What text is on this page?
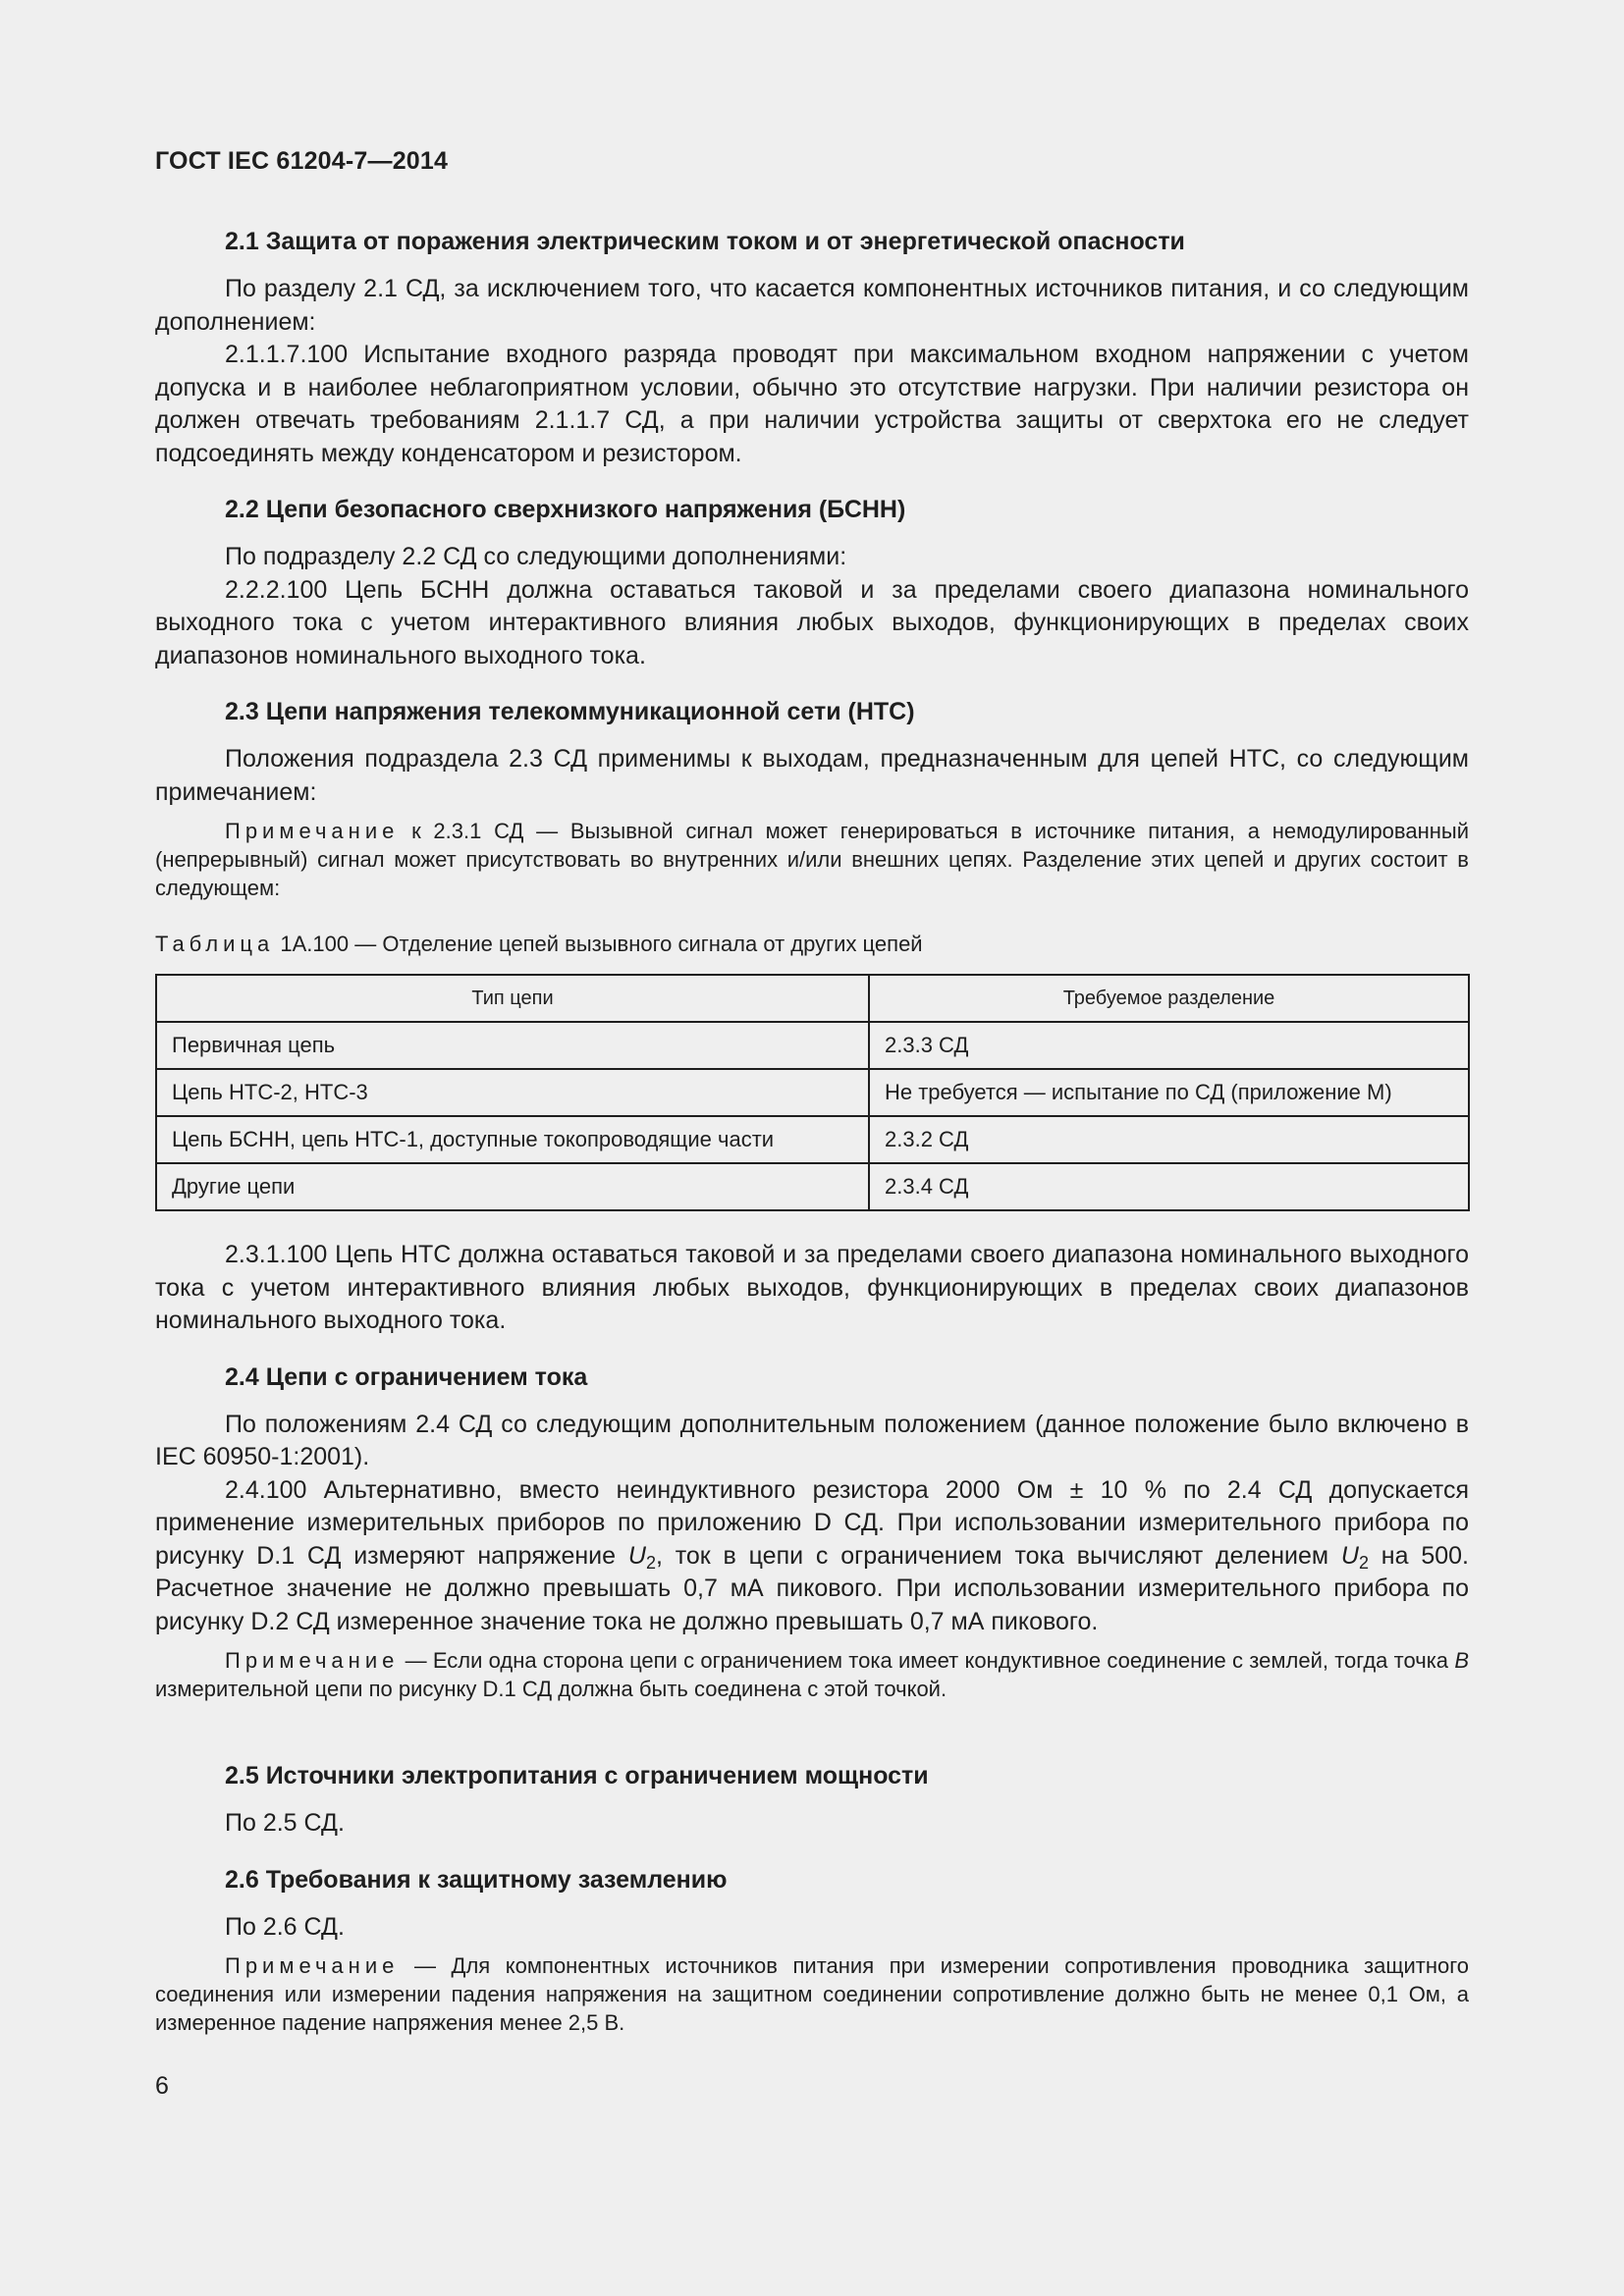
ГОСТ IEC 61204-7—2014
2.1 Защита от поражения электрическим током и от энергетической опасности

По разделу 2.1 СД, за исключением того, что касается компонентных источников питания, и со следующим дополнением:

2.1.1.7.100 Испытание входного разряда проводят при максимальном входном напряжении с учетом допуска и в наиболее неблагоприятном условии, обычно это отсутствие нагрузки. При наличии резистора он должен отвечать требованиям 2.1.1.7 СД, а при наличии устройства защиты от сверхтока его не следует подсоединять между конденсатором и резистором.

2.2 Цепи безопасного сверхнизкого напряжения (БСНН)

По подразделу 2.2 СД со следующими дополнениями:

2.2.2.100 Цепь БСНН должна оставаться таковой и за пределами своего диапазона номинального выходного тока с учетом интерактивного влияния любых выходов, функционирующих в пределах своих диапазонов номинального выходного тока.

2.3 Цепи напряжения телекоммуникационной сети (НТС)

Положения подраздела 2.3 СД применимы к выходам, предназначенным для цепей НТС, со следующим примечанием:

Примечание к 2.3.1 СД — Вызывной сигнал может генерироваться в источнике питания, а немодулированный (непрерывный) сигнал может присутствовать во внутренних и/или внешних цепях. Разделение этих цепей и других состоит в следующем:

Таблица 1А.100 — Отделение цепей вызывного сигнала от других цепей
Тип цепи	Требуемое разделение
Первичная цепь	2.3.3 СД
Цепь НТС-2, НТС-3	Не требуется — испытание по СД (приложение М)
Цепь БСНН, цепь НТС-1, доступные токопроводящие части	2.3.2 СД
Другие цепи	2.3.4 СД

2.3.1.100 Цепь НТС должна оставаться таковой и за пределами своего диапазона номинального выходного тока с учетом интерактивного влияния любых выходов, функционирующих в пределах своих диапазонов номинального выходного тока.

2.4 Цепи с ограничением тока

По положениям 2.4 СД со следующим дополнительным положением (данное положение было включено в IEC 60950-1:2001).

2.4.100 Альтернативно, вместо неиндуктивного резистора 2000 Ом ± 10 % по 2.4 СД допускается применение измерительных приборов по приложению D СД. При использовании измерительного прибора по рисунку D.1 СД измеряют напряжение $U_2$, ток в цепи с ограничением тока вычисляют делением $U_2$ на 500. Расчетное значение не должно превышать 0,7 мА пикового. При использовании измерительного прибора по рисунку D.2 СД измеренное значение тока не должно превышать 0,7 мА пикового.

Примечание — Если одна сторона цепи с ограничением тока имеет кондуктивное соединение с землей, тогда точка B измерительной цепи по рисунку D.1 СД должна быть соединена с этой точкой.

2.5 Источники электропитания с ограничением мощности

По 2.5 СД.

2.6 Требования к защитному заземлению

По 2.6 СД.

Примечание — Для компонентных источников питания при измерении сопротивления проводника защитного соединения или измерении падения напряжения на защитном соединении сопротивление должно быть не менее 0,1 Ом, а измеренное падение напряжения менее 2,5 В.

6
